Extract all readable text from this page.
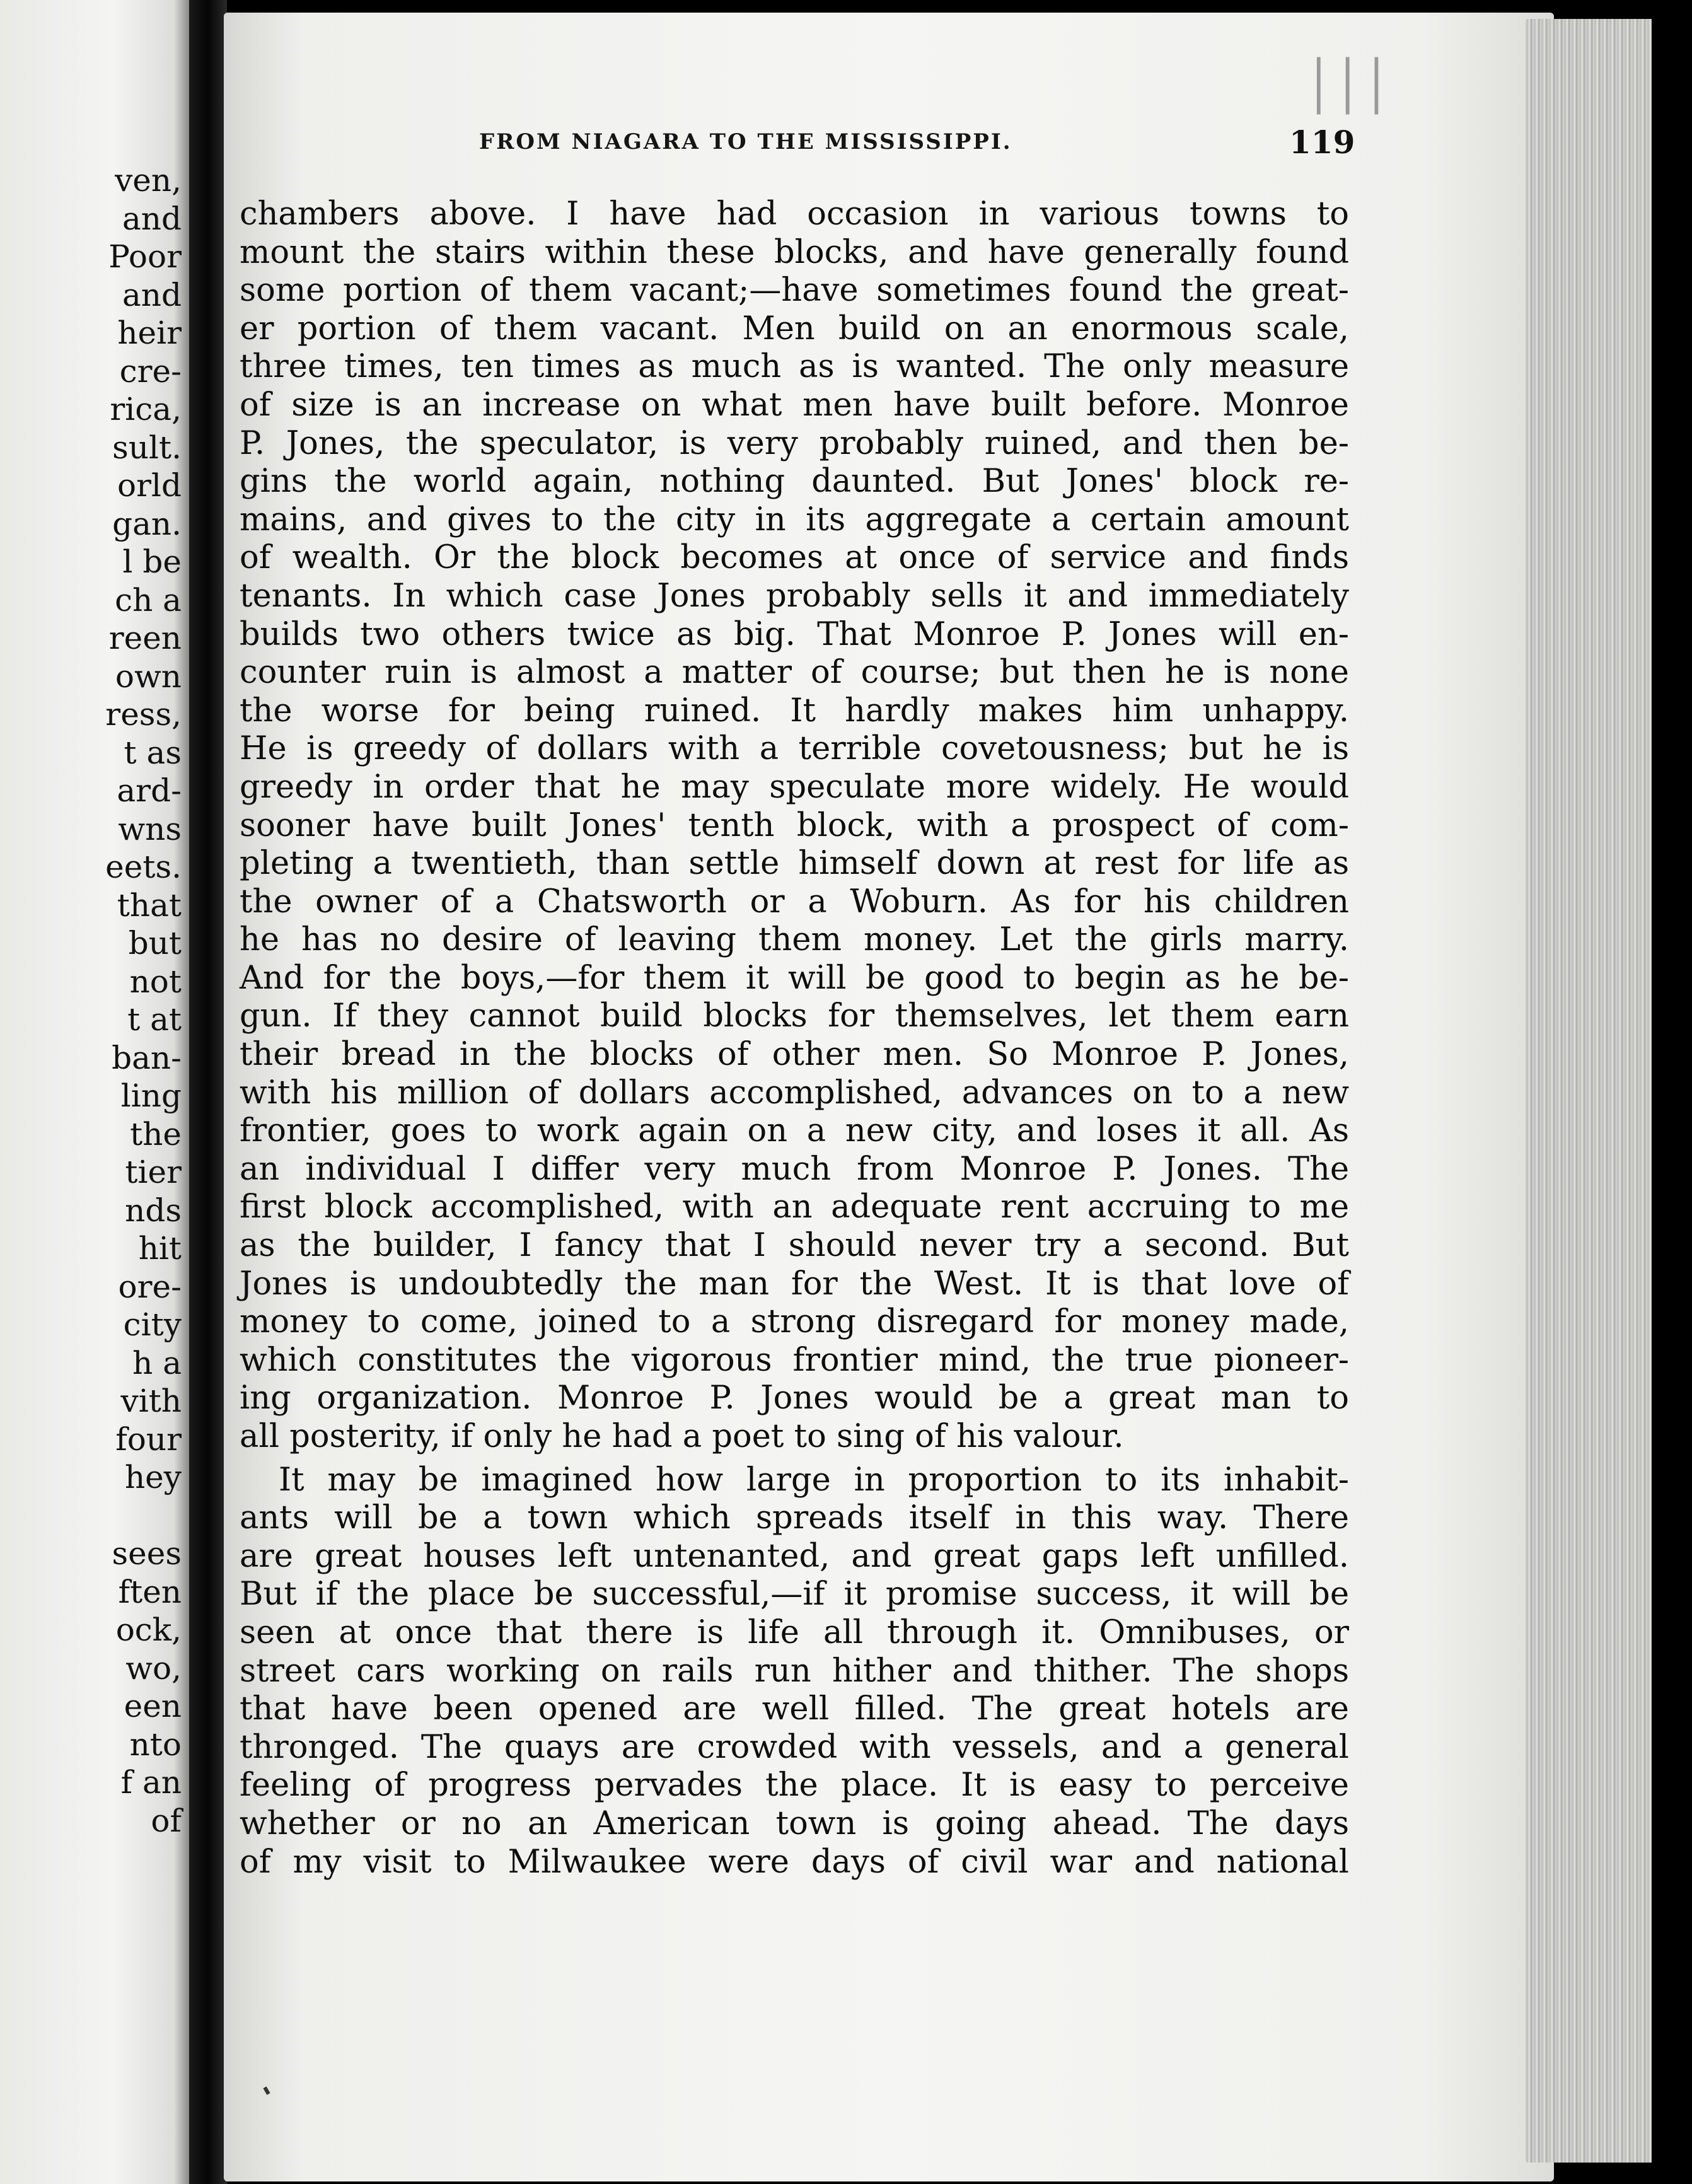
ven,
and
Poor
and
heir
cre-
rica,
sult.
orld
gan.
l be
ch a
reen
own
ress,
t as
ard-
wns
eets.
that
but
not
t at
ban-
ling
the
tier
nds
hit
ore-
city
h a
vith
four
hey
sees
ften
ock,
wo,
een
nto
f an
of
| | |
FROM NIAGARA TO THE MISSISSIPPI.	119
chambers above. I have had occasion in various towns to
mount the stairs within these blocks, and have generally found
some portion of them vacant;—have sometimes found the great-
er portion of them vacant. Men build on an enormous scale,
three times, ten times as much as is wanted. The only measure
of size is an increase on what men have built before. Monroe
P. Jones, the speculator, is very probably ruined, and then be-
gins the world again, nothing daunted. But Jones' block re-
mains, and gives to the city in its aggregate a certain amount
of wealth. Or the block becomes at once of service and finds
tenants. In which case Jones probably sells it and immediately
builds two others twice as big. That Monroe P. Jones will en-
counter ruin is almost a matter of course; but then he is none
the worse for being ruined. It hardly makes him unhappy.
He is greedy of dollars with a terrible covetousness; but he is
greedy in order that he may speculate more widely. He would
sooner have built Jones' tenth block, with a prospect of com-
pleting a twentieth, than settle himself down at rest for life as
the owner of a Chatsworth or a Woburn. As for his children
he has no desire of leaving them money. Let the girls marry.
And for the boys,—for them it will be good to begin as he be-
gun. If they cannot build blocks for themselves, let them earn
their bread in the blocks of other men. So Monroe P. Jones,
with his million of dollars accomplished, advances on to a new
frontier, goes to work again on a new city, and loses it all. As
an individual I differ very much from Monroe P. Jones. The
first block accomplished, with an adequate rent accruing to me
as the builder, I fancy that I should never try a second. But
Jones is undoubtedly the man for the West. It is that love of
money to come, joined to a strong disregard for money made,
which constitutes the vigorous frontier mind, the true pioneer-
ing organization. Monroe P. Jones would be a great man to
all posterity, if only he had a poet to sing of his valour.
It may be imagined how large in proportion to its inhabit-
ants will be a town which spreads itself in this way. There
are great houses left untenanted, and great gaps left unfilled.
But if the place be successful,—if it promise success, it will be
seen at once that there is life all through it. Omnibuses, or
street cars working on rails run hither and thither. The shops
that have been opened are well filled. The great hotels are
thronged. The quays are crowded with vessels, and a general
feeling of progress pervades the place. It is easy to perceive
whether or no an American town is going ahead. The days
of my visit to Milwaukee were days of civil war and national
